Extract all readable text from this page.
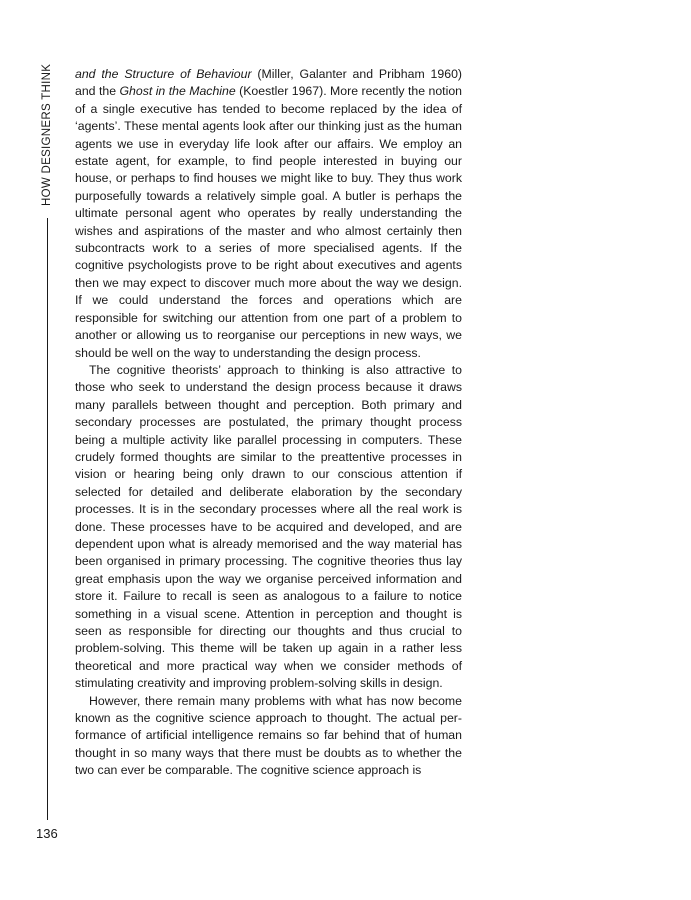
HOW DESIGNERS THINK
136

and the Structure of Behaviour (Miller, Galanter and Pribham 1960) and the Ghost in the Machine (Koestler 1967). More recently the notion of a single executive has tended to become replaced by the idea of ‘agents’. These mental agents look after our thinking just as the human agents we use in everyday life look after our affairs. We employ an estate agent, for example, to find people interested in buying our house, or perhaps to find houses we might like to buy. They thus work purposefully towards a relatively simple goal. A butler is perhaps the ultimate personal agent who operates by really understanding the wishes and aspirations of the master and who almost certainly then subcontracts work to a series of more specialised agents. If the cognitive psychologists prove to be right about executives and agents then we may expect to discover much more about the way we design. If we could understand the forces and operations which are responsible for switching our attention from one part of a problem to another or allowing us to reorganise our perceptions in new ways, we should be well on the way to understanding the design process.

The cognitive theorists’ approach to thinking is also attractive to those who seek to understand the design process because it draws many parallels between thought and perception. Both primary and secondary processes are postulated, the primary thought process being a multiple activity like parallel processing in computers. These crudely formed thoughts are similar to the preattentive processes in vision or hearing being only drawn to our conscious attention if selected for detailed and deliberate elaboration by the secondary processes. It is in the secondary processes where all the real work is done. These processes have to be acquired and developed, and are dependent upon what is already memorised and the way material has been organised in primary processing. The cognitive theories thus lay great emphasis upon the way we organise perceived information and store it. Failure to recall is seen as analogous to a failure to notice something in a visual scene. Attention in perception and thought is seen as responsible for directing our thoughts and thus crucial to problem-solving. This theme will be taken up again in a rather less theoretical and more practical way when we consider methods of stimulating creativity and improving problem-solving skills in design.

However, there remain many problems with what has now become known as the cognitive science approach to thought. The actual performance of artificial intelligence remains so far behind that of human thought in so many ways that there must be doubts as to whether the two can ever be comparable. The cognitive science approach is
